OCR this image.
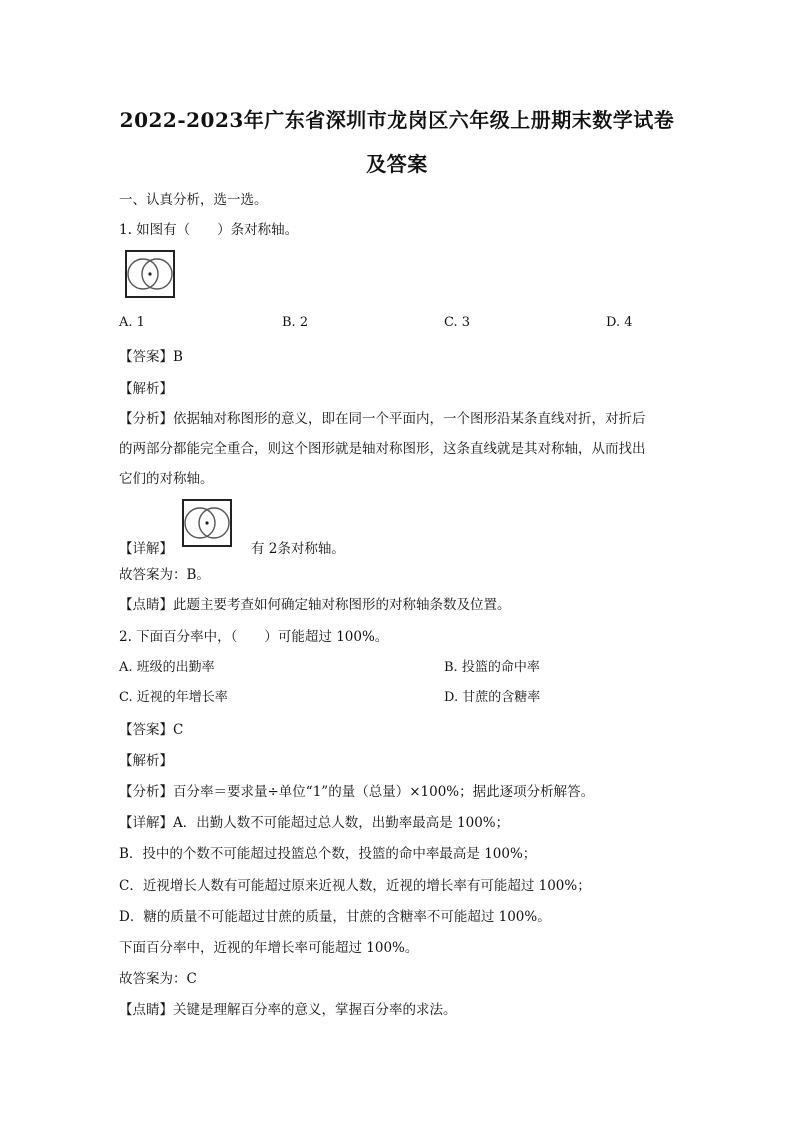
2022-2023年广东省深圳市龙岗区六年级上册期末数学试卷
及答案
一、认真分析，选一选。
1. 如图有（　　）条对称轴。
A. 1	B. 2	C. 3	D. 4
【答案】B
【解析】
【分析】依据轴对称图形的意义，即在同一个平面内，一个图形沿某条直线对折，对折后
的两部分都能完全重合，则这个图形就是轴对称图形，这条直线就是其对称轴，从而找出
它们的对称轴。
【详解】	有 2条对称轴。
故答案为：B。
【点睛】此题主要考查如何确定轴对称图形的对称轴条数及位置。
2. 下面百分率中，（　　）可能超过 100%。
A. 班级的出勤率	B. 投篮的命中率
C. 近视的年增长率	D. 甘蔗的含糖率
【答案】C
【解析】
【分析】百分率＝要求量÷单位“1”的量（总量）×100%；据此逐项分析解答。
【详解】A．出勤人数不可能超过总人数，出勤率最高是 100%；
B．投中的个数不可能超过投篮总个数，投篮的命中率最高是 100%；
C．近视增长人数有可能超过原来近视人数，近视的增长率有可能超过 100%；
D．糖的质量不可能超过甘蔗的质量，甘蔗的含糖率不可能超过 100%。
下面百分率中，近视的年增长率可能超过 100%。
故答案为：C
【点睛】关键是理解百分率的意义，掌握百分率的求法。
